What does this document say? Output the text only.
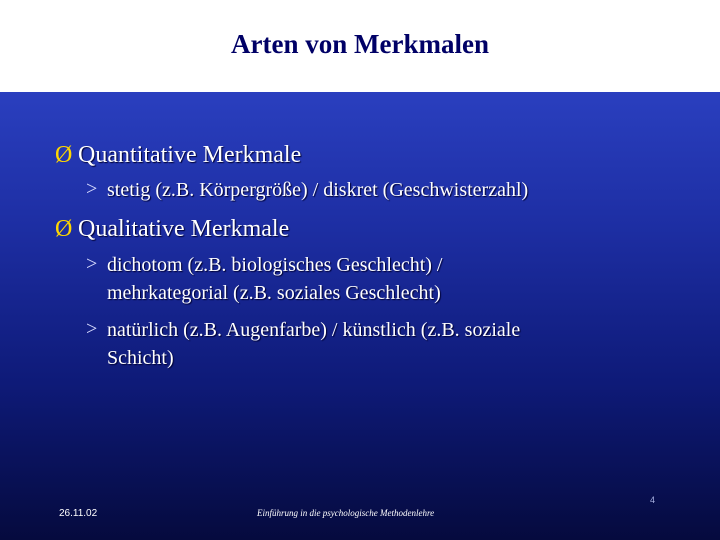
Arten von Merkmalen
Ø Quantitative Merkmale
> stetig (z.B. Körpergröße) / diskret (Geschwisterzahl)
Ø Qualitative Merkmale
> dichotom (z.B. biologisches Geschlecht) /
mehrkategorial (z.B. soziales Geschlecht)
> natürlich (z.B. Augenfarbe) / künstlich (z.B. soziale
Schicht)
26.11.02	Einführung in die psychologische Methodenlehre
4
